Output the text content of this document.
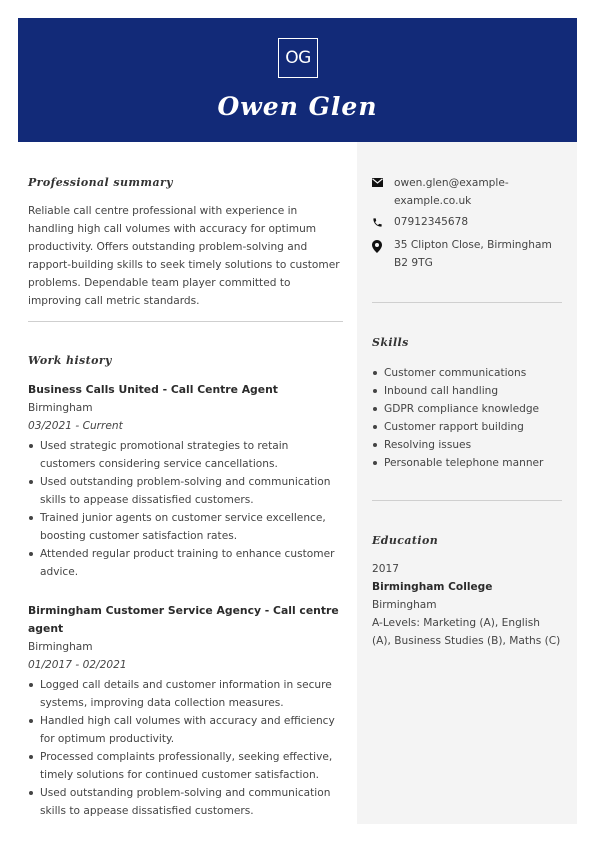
OG
Owen Glen
Professional summary
Reliable call centre professional with experience in handling high call volumes with accuracy for optimum productivity. Offers outstanding problem-solving and rapport-building skills to seek timely solutions to customer problems. Dependable team player committed to improving call metric standards.
Work history
Business Calls United - Call Centre Agent
Birmingham
03/2021 - Current
Used strategic promotional strategies to retain customers considering service cancellations.
Used outstanding problem-solving and communication skills to appease dissatisfied customers.
Trained junior agents on customer service excellence, boosting customer satisfaction rates.
Attended regular product training to enhance customer advice.
Birmingham Customer Service Agency - Call centre agent
Birmingham
01/2017 - 02/2021
Logged call details and customer information in secure systems, improving data collection measures.
Handled high call volumes with accuracy and efficiency for optimum productivity.
Processed complaints professionally, seeking effective, timely solutions for continued customer satisfaction.
Used outstanding problem-solving and communication skills to appease dissatisfied customers.
owen.glen@example-example.co.uk
07912345678
35 Clipton Close, Birmingham B2 9TG
Skills
Customer communications
Inbound call handling
GDPR compliance knowledge
Customer rapport building
Resolving issues
Personable telephone manner
Education
2017
Birmingham College
Birmingham
A-Levels: Marketing (A), English (A), Business Studies (B), Maths (C)
